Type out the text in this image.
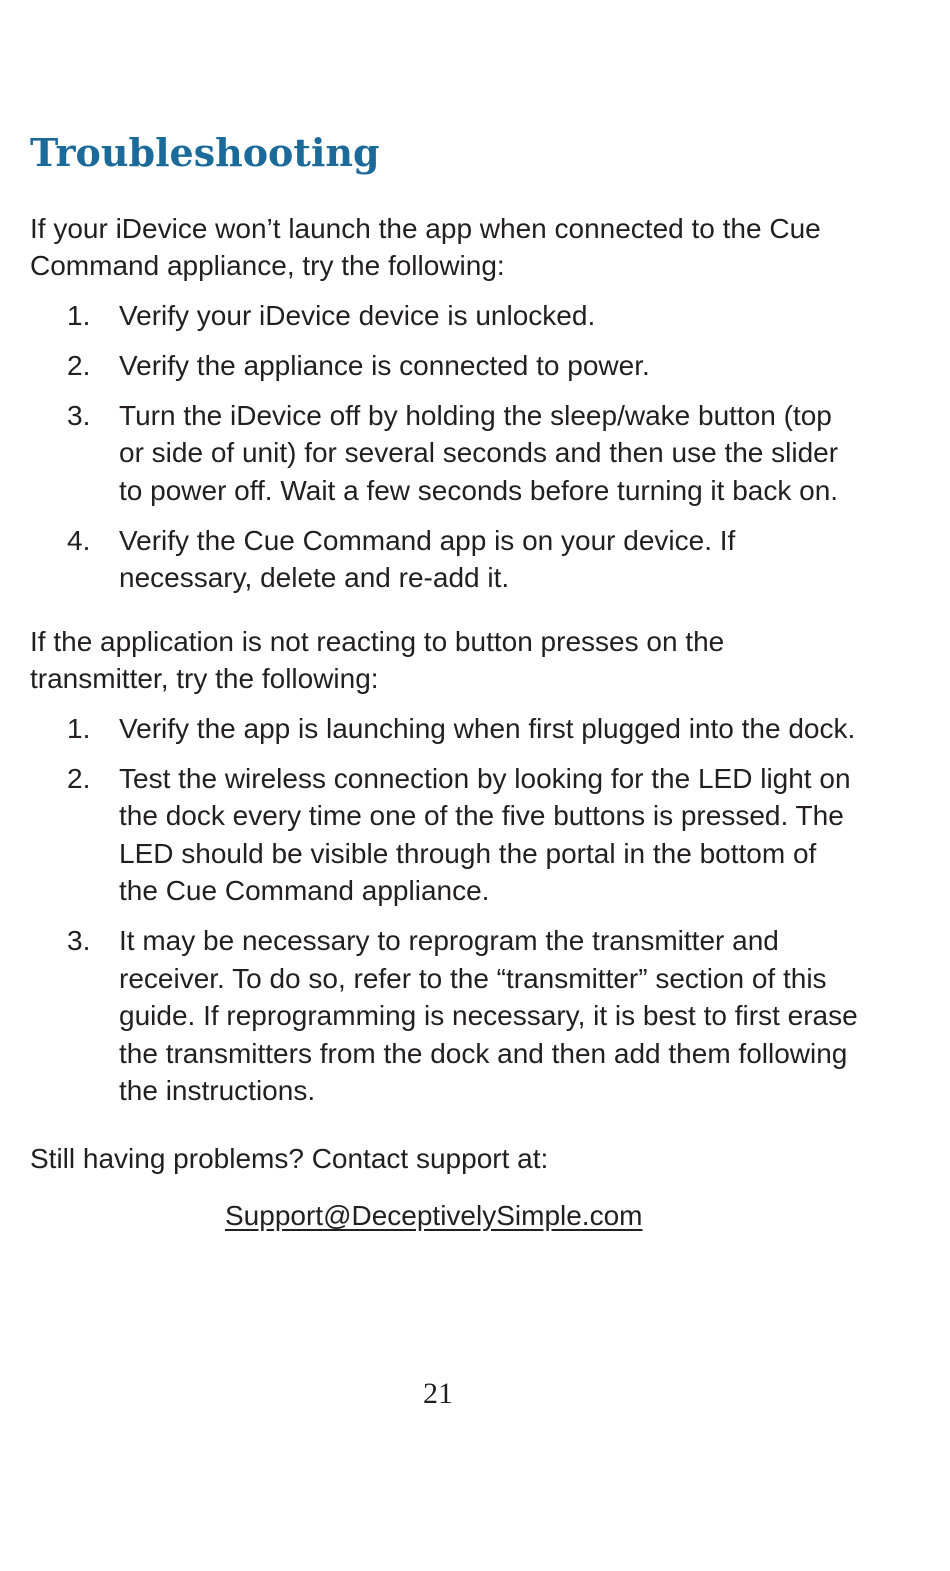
Troubleshooting

If your iDevice won’t launch the app when connected to the Cue Command appliance, try the following:

1.	Verify your iDevice device is unlocked.
2.	Verify the appliance is connected to power.
3.	Turn the iDevice off by holding the sleep/wake button (top or side of unit) for several seconds and then use the slider to power off. Wait a few seconds before turning it back on.
4.	Verify the Cue Command app is on your device. If necessary, delete and re-add it.

If the application is not reacting to button presses on the transmitter, try the following:

1.	Verify the app is launching when first plugged into the dock.
2.	Test the wireless connection by looking for the LED light on the dock every time one of the five buttons is pressed. The LED should be visible through the portal in the bottom of the Cue Command appliance.
3.	It may be necessary to reprogram the transmitter and receiver. To do so, refer to the “transmitter” section of this guide. If reprogramming is necessary, it is best to first erase the transmitters from the dock and then add them following the instructions.

Still having problems? Contact support at:

Support@DeceptivelySimple.com
21
